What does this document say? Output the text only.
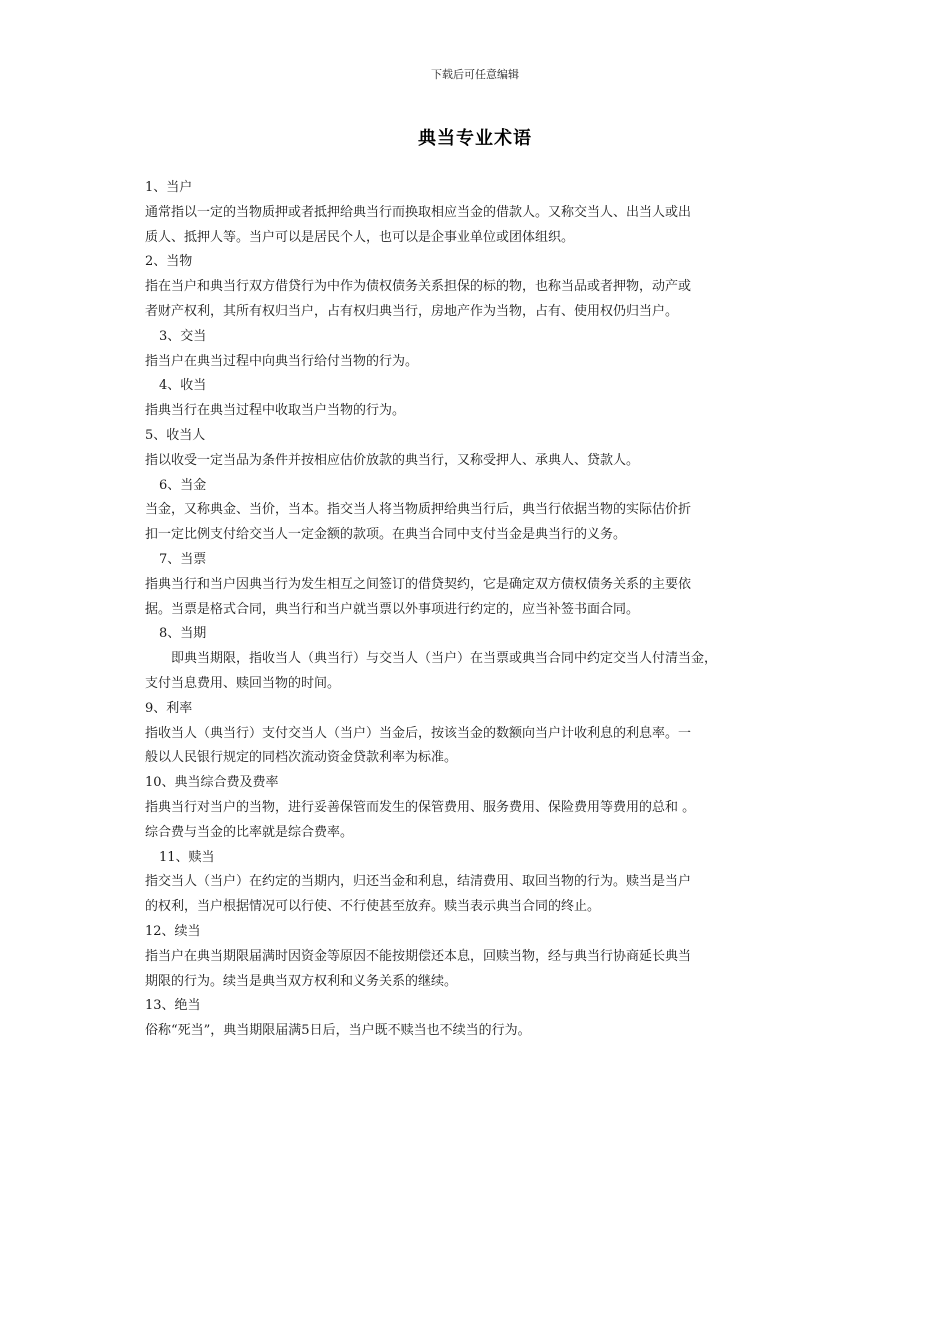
下载后可任意编辑
典当专业术语
1、当户
通常指以一定的当物质押或者抵押给典当行而换取相应当金的借款人。又称交当人、出当人或出
质人、抵押人等。当户可以是居民个人，也可以是企事业单位或团体组织。
2、当物
指在当户和典当行双方借贷行为中作为债权债务关系担保的标的物，也称当品或者押物，动产或
者财产权利，其所有权归当户，占有权归典当行，房地产作为当物，占有、使用权仍归当户。
3、交当
指当户在典当过程中向典当行给付当物的行为。
4、收当
指典当行在典当过程中收取当户当物的行为。
5、收当人
指以收受一定当品为条件并按相应估价放款的典当行，又称受押人、承典人、贷款人。
6、当金
当金，又称典金、当价，当本。指交当人将当物质押给典当行后，典当行依据当物的实际估价折
扣一定比例支付给交当人一定金额的款项。在典当合同中支付当金是典当行的义务。
7、当票
指典当行和当户因典当行为发生相互之间签订的借贷契约，它是确定双方债权债务关系的主要依
据。当票是格式合同，典当行和当户就当票以外事项进行约定的，应当补签书面合同。
8、当期
即典当期限，指收当人（典当行）与交当人（当户）在当票或典当合同中约定交当人付清当金，
支付当息费用、赎回当物的时间。
9、利率
指收当人（典当行）支付交当人（当户）当金后，按该当金的数额向当户计收利息的利息率。一
般以人民银行规定的同档次流动资金贷款利率为标准。
10、典当综合费及费率
指典当行对当户的当物，进行妥善保管而发生的保管费用、服务费用、保险费用等费用的总和 。
综合费与当金的比率就是综合费率。
11、赎当
指交当人（当户）在约定的当期内，归还当金和利息，结清费用、取回当物的行为。赎当是当户
的权利，当户根据情况可以行使、不行使甚至放弃。赎当表示典当合同的终止。
12、续当
指当户在典当期限届满时因资金等原因不能按期偿还本息，回赎当物，经与典当行协商延长典当
期限的行为。续当是典当双方权利和义务关系的继续。
13、绝当
俗称“死当”，典当期限届满5日后，当户既不赎当也不续当的行为。
